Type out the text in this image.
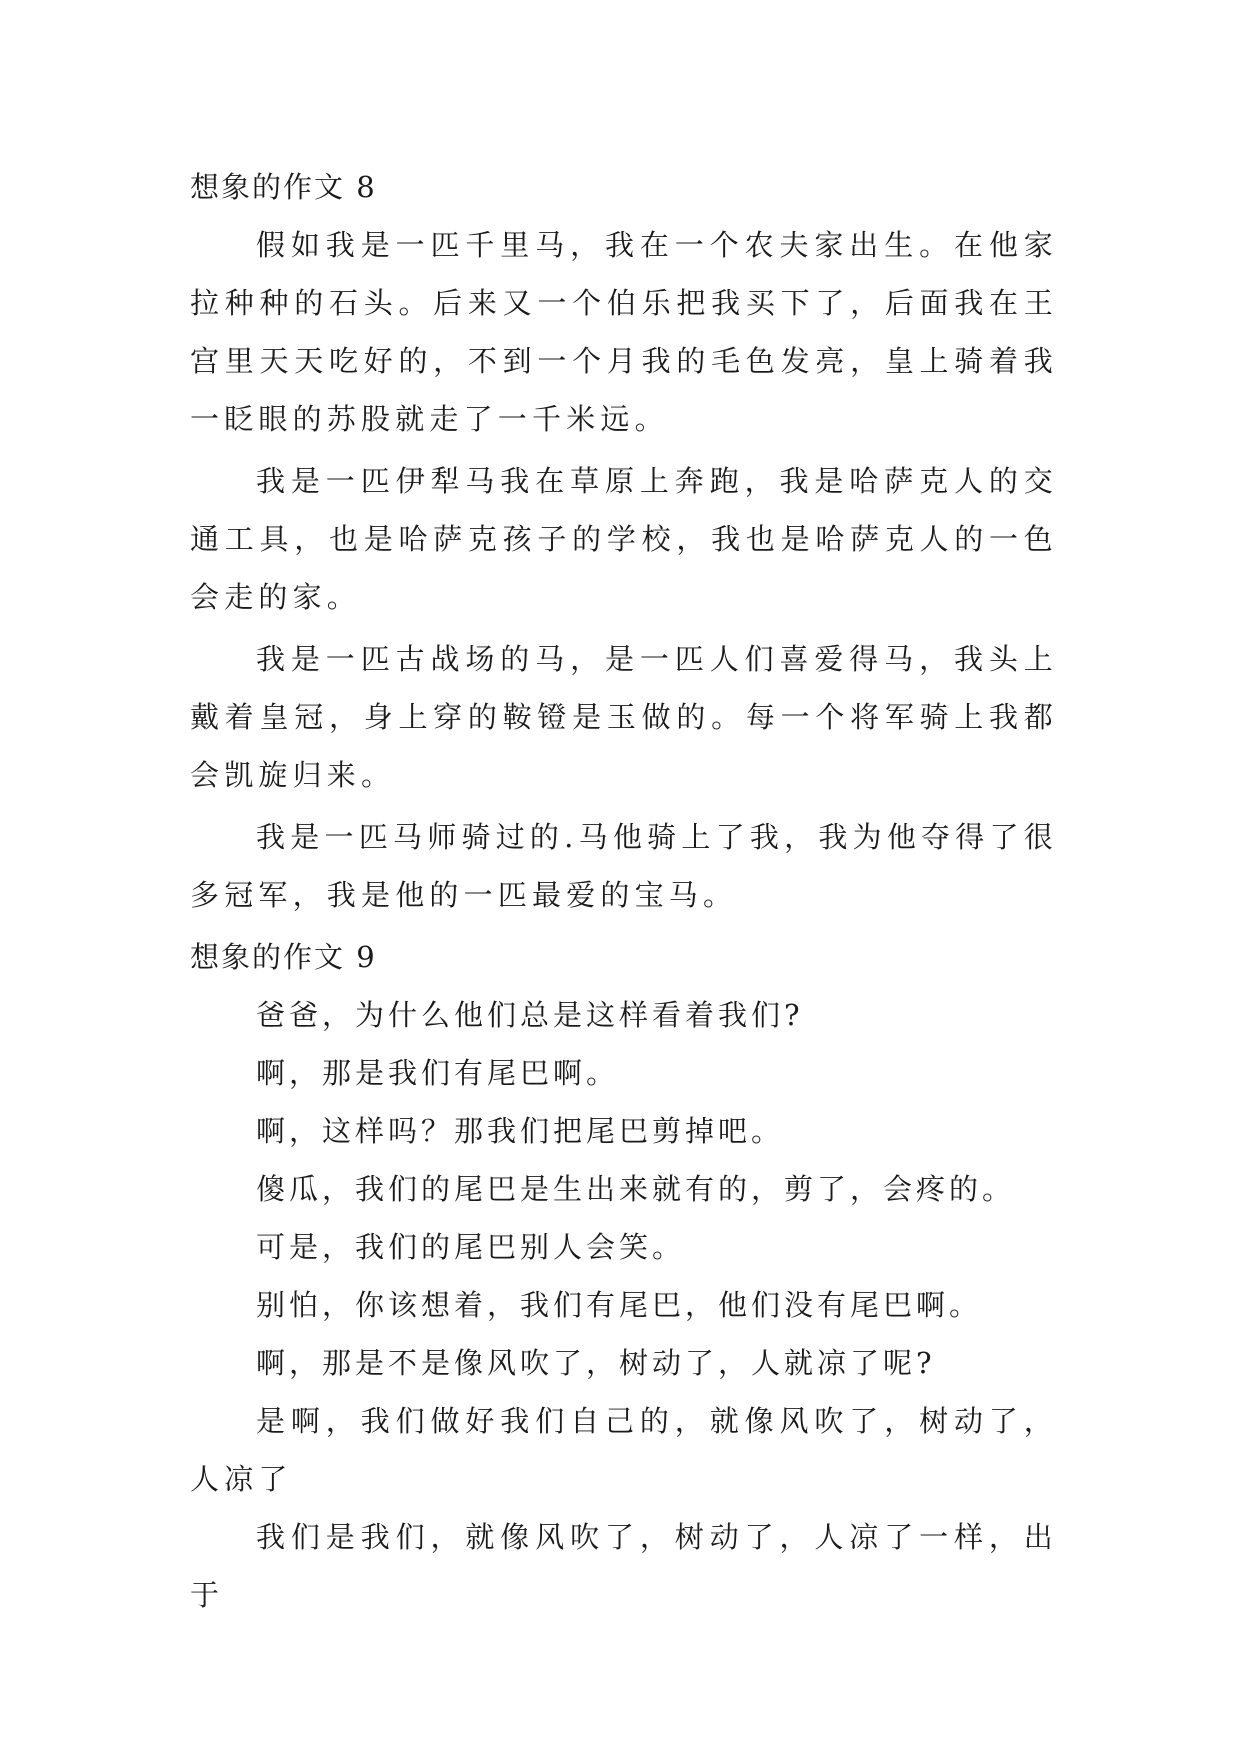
想象的作文 8

假如我是一匹千里马，我在一个农夫家出生。在他家拉种种的石头。后来又一个伯乐把我买下了，后面我在王宫里天天吃好的，不到一个月我的毛色发亮，皇上骑着我一眨眼的苏股就走了一千米远。

我是一匹伊犁马我在草原上奔跑，我是哈萨克人的交通工具，也是哈萨克孩子的学校，我也是哈萨克人的一色会走的家。

我是一匹古战场的马，是一匹人们喜爱得马，我头上戴着皇冠，身上穿的鞍镫是玉做的。每一个将军骑上我都会凯旋归来。

我是一匹马师骑过的.马他骑上了我，我为他夺得了很多冠军，我是他的一匹最爱的宝马。

想象的作文 9

爸爸，为什么他们总是这样看着我们?

啊，那是我们有尾巴啊。

啊，这样吗？那我们把尾巴剪掉吧。

傻瓜，我们的尾巴是生出来就有的，剪了，会疼的。

可是，我们的尾巴别人会笑。

别怕，你该想着，我们有尾巴，他们没有尾巴啊。

啊，那是不是像风吹了，树动了，人就凉了呢?

是啊，我们做好我们自己的，就像风吹了，树动了，人凉了

我们是我们，就像风吹了，树动了，人凉了一样，出于
